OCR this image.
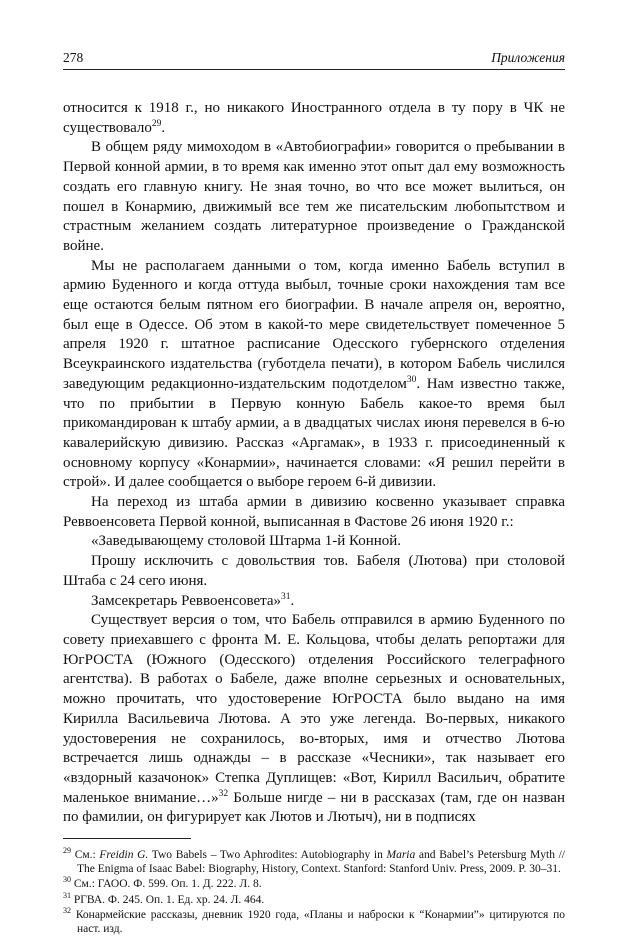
278	Приложения

относится к 1918 г., но никакого Иностранного отдела в ту пору в ЧК не существовало$^{29}$.

В общем ряду мимоходом в «Автобиографии» говорится о пребывании в Первой конной армии, в то время как именно этот опыт дал ему возможность создать его главную книгу. Не зная точно, во что все может вылиться, он пошел в Конармию, движимый все тем же писательским любопытством и страстным желанием создать литературное произведение о Гражданской войне.

Мы не располагаем данными о том, когда именно Бабель вступил в армию Буденного и когда оттуда выбыл, точные сроки нахождения там все еще остаются белым пятном его биографии. В начале апреля он, вероятно, был еще в Одессе. Об этом в какой-то мере свидетельствует помеченное 5 апреля 1920 г. штатное расписание Одесского губернского отделения Всеукраинского издательства (губотдела печати), в котором Бабель числился заведующим редакционно-издательским подотделом$^{30}$. Нам известно также, что по прибытии в Первую конную Бабель какое-то время был прикомандирован к штабу армии, а в двадцатых числах июня перевелся в 6-ю кавалерийскую дивизию. Рассказ «Аргамак», в 1933 г. присоединенный к основному корпусу «Конармии», начинается словами: «Я решил перейти в строй». И далее сообщается о выборе героем 6-й дивизии.

На переход из штаба армии в дивизию косвенно указывает справка Реввоенсовета Первой конной, выписанная в Фастове 26 июня 1920 г.:

«Заведывающему столовой Штарма 1-й Конной.

Прошу исключить с довольствия тов. Бабеля (Лютова) при столовой Штаба с 24 сего июня.

Замсекретарь Реввоенсовета»$^{31}$.

Существует версия о том, что Бабель отправился в армию Буденного по совету приехавшего с фронта М. Е. Кольцова, чтобы делать репортажи для ЮгРОСТА (Южного (Одесского) отделения Российского телеграфного агентства). В работах о Бабеле, даже вполне серьезных и основательных, можно прочитать, что удостоверение ЮгРОСТА было выдано на имя Кирилла Васильевича Лютова. А это уже легенда. Во-первых, никакого удостоверения не сохранилось, во-вторых, имя и отчество Лютова встречается лишь однажды – в рассказе «Чесники», так называет его «вздорный казачонок» Степка Дуплищев: «Вот, Кирилл Васильич, обратите маленькое внимание…»$^{32}$ Больше нигде – ни в рассказах (там, где он назван по фамилии, он фигурирует как Лютов и Лютыч), ни в подписях

$^{29}$ См.: Freidin G. Two Babels – Two Aphrodites: Autobiography in Maria and Babel’s Petersburg Myth // The Enigma of Isaac Babel: Biography, History, Context. Stanford: Stanford Univ. Press, 2009. P. 30–31.

$^{30}$ См.: ГАОО. Ф. 599. Оп. 1. Д. 222. Л. 8.

$^{31}$ РГВА. Ф. 245. Оп. 1. Ед. хр. 24. Л. 464.

$^{32}$ Конармейские рассказы, дневник 1920 года, «Планы и наброски к “Конармии”» цитируются по наст. изд.
